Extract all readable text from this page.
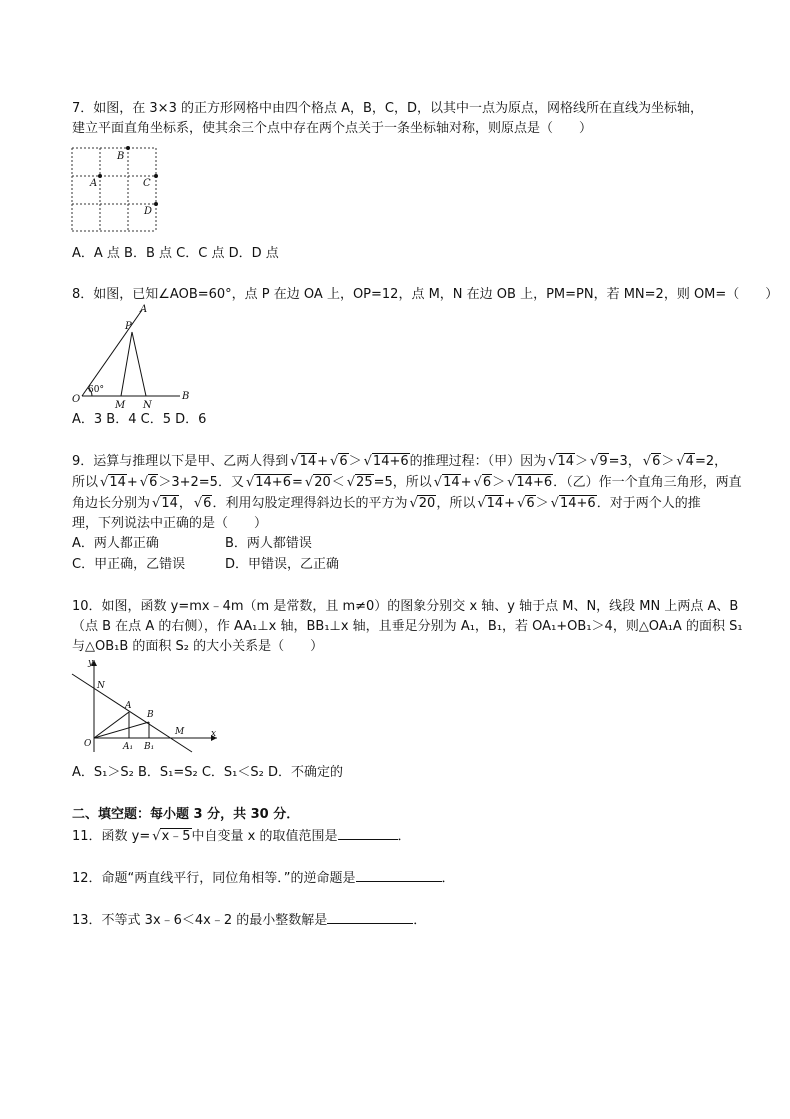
7．如图，在 3×3 的正方形网格中由四个格点 A，B，C，D，以其中一点为原点，网格线所在直线为坐标轴，
建立平面直角坐标系，使其余三个点中存在两个点关于一条坐标轴对称，则原点是（　　）
B
A	C
D
A．A 点 B．B 点 C．C 点 D．D 点
8．如图，已知∠AOB=60°，点 P 在边 OA 上，OP=12，点 M，N 在边 OB 上，PM=PN，若 MN=2，则 OM=（　　）
A
P
60°
O
M N
B
A．3 B．4 C．5 D．6
9．运算与推理以下是甲、乙两人得到 √ 14+ √ 6＞ √ 14+6的推理过程：（甲）因为 √ 14＞ √ 9=3， √ 6＞ √ 4=2，
所以 √ 14+ √ 6＞3+2=5．又 √ 14+6= √ 20＜ √ 25=5，所以 √ 14+ √ 6＞ √ 14+6．（乙）作一个直角三角形，两直
角边长分别为 √ 14， √ 6．利用勾股定理得斜边长的平方为 √ 20，所以 √ 14+ √ 6＞ √ 14+6．对于两个人的推
理，下列说法中正确的是（　　）
A．两人都正确	B．两人都错误
C．甲正确，乙错误	D．甲错误，乙正确
10．如图，函数 y=mx﹣4m（m 是常数，且 m≠0）的图象分别交 x 轴、y 轴于点 M、N，线段 MN 上两点 A、B
（点 B 在点 A 的右侧），作 AA₁⊥x 轴，BB₁⊥x 轴，且垂足分别为 A₁，B₁，若 OA₁+OB₁＞4，则△OA₁A 的面积 S₁
与△OB₁B 的面积 S₂ 的大小关系是（　　）
y
N
A
B
M
O	A₁ B₁
x
A．S₁＞S₂ B．S₁=S₂ C．S₁＜S₂ D．不确定的
二、填空题：每小题 3 分，共 30 分．
11．函数 y= √ x﹣5中自变量 x 的取值范围是	．
12．命题“两直线平行，同位角相等．”的逆命题是	．
13．不等式 3x﹣6＜4x﹣2 的最小整数解是	．
